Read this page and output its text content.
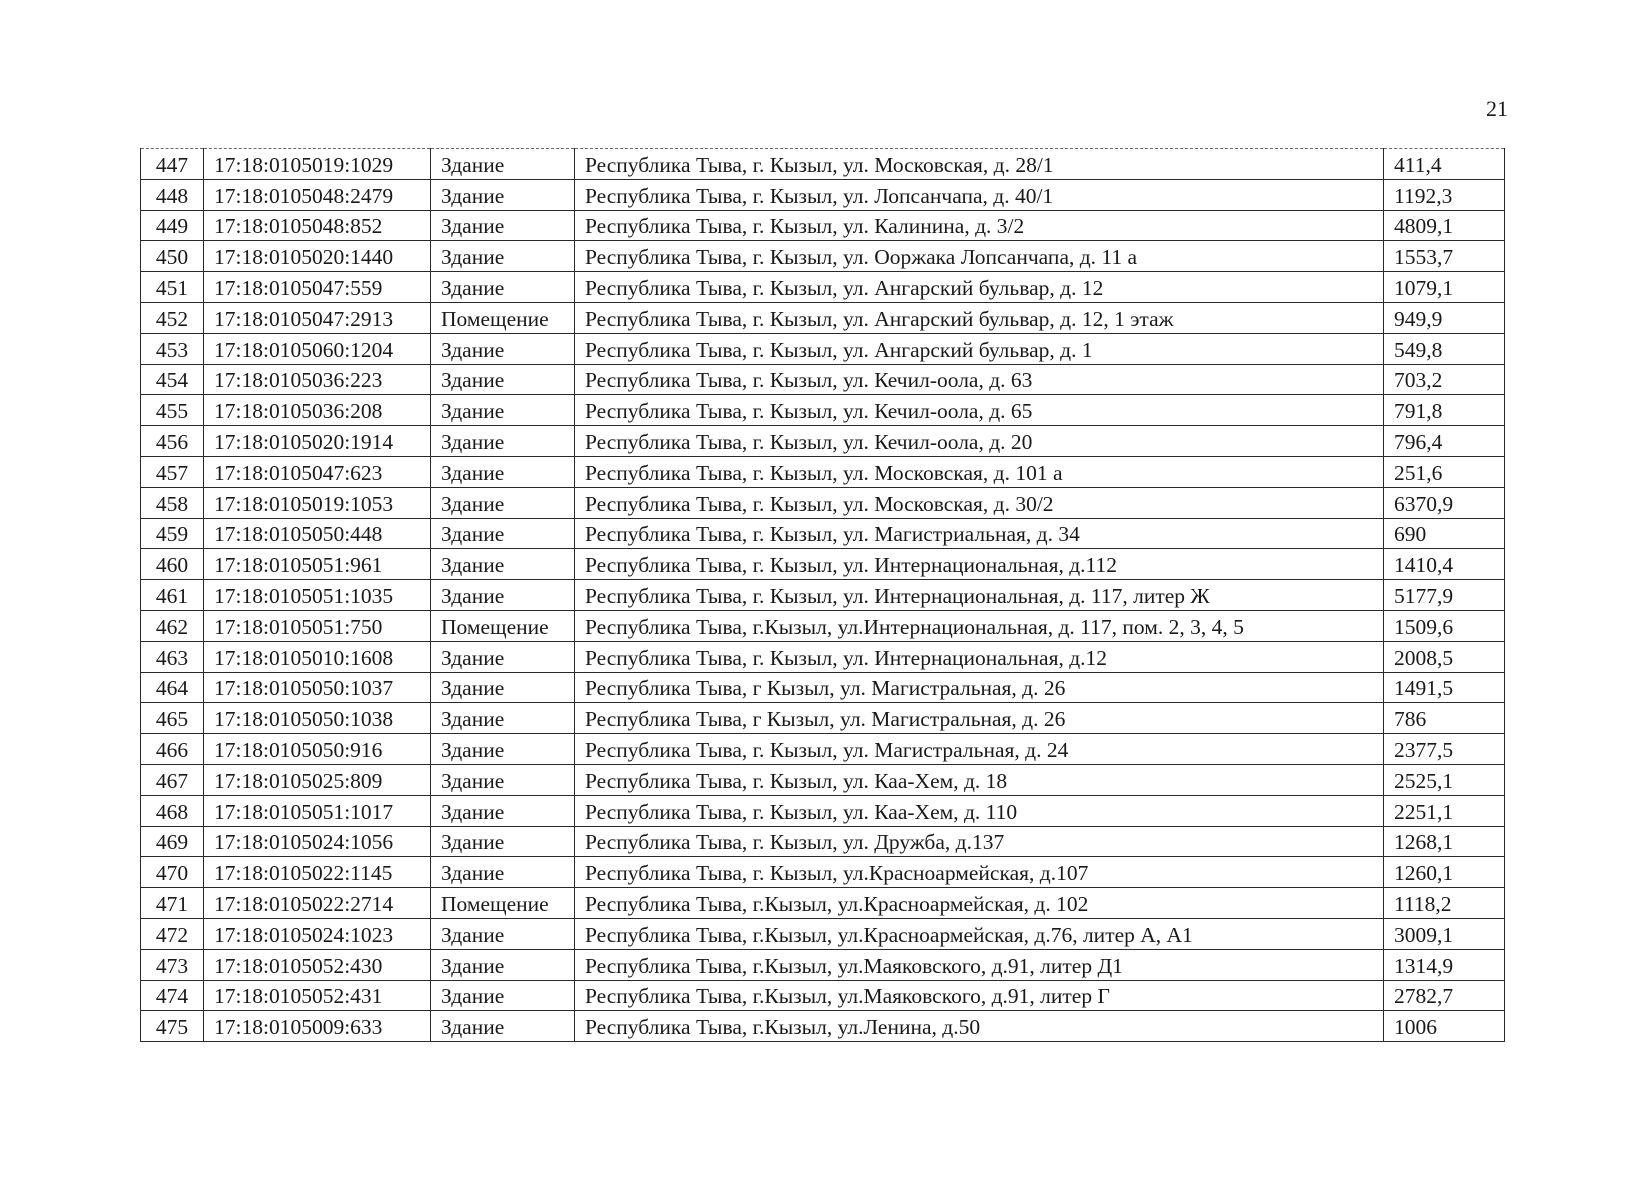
21
447	17:18:0105019:1029	Здание	Республика Тыва, г. Кызыл, ул. Московская, д. 28/1	411,4
448	17:18:0105048:2479	Здание	Республика Тыва, г. Кызыл, ул. Лопсанчапа, д. 40/1	1192,3
449	17:18:0105048:852	Здание	Республика Тыва, г. Кызыл, ул. Калинина, д. 3/2	4809,1
450	17:18:0105020:1440	Здание	Республика Тыва, г. Кызыл, ул. Ооржака Лопсанчапа, д. 11 а	1553,7
451	17:18:0105047:559	Здание	Республика Тыва, г. Кызыл, ул. Ангарский бульвар, д. 12	1079,1
452	17:18:0105047:2913	Помещение	Республика Тыва, г. Кызыл, ул. Ангарский бульвар, д. 12, 1 этаж	949,9
453	17:18:0105060:1204	Здание	Республика Тыва, г. Кызыл, ул. Ангарский бульвар, д. 1	549,8
454	17:18:0105036:223	Здание	Республика Тыва, г. Кызыл, ул. Кечил-оола, д. 63	703,2
455	17:18:0105036:208	Здание	Республика Тыва, г. Кызыл, ул. Кечил-оола, д. 65	791,8
456	17:18:0105020:1914	Здание	Республика Тыва, г. Кызыл, ул. Кечил-оола, д. 20	796,4
457	17:18:0105047:623	Здание	Республика Тыва, г. Кызыл, ул. Московская, д. 101 а	251,6
458	17:18:0105019:1053	Здание	Республика Тыва, г. Кызыл, ул. Московская, д. 30/2	6370,9
459	17:18:0105050:448	Здание	Республика Тыва, г. Кызыл, ул. Магистриальная, д. 34	690
460	17:18:0105051:961	Здание	Республика Тыва, г. Кызыл, ул. Интернациональная, д.112	1410,4
461	17:18:0105051:1035	Здание	Республика Тыва, г. Кызыл, ул. Интернациональная, д. 117, литер Ж	5177,9
462	17:18:0105051:750	Помещение	Республика Тыва, г.Кызыл, ул.Интернациональная, д. 117, пом. 2, 3, 4, 5	1509,6
463	17:18:0105010:1608	Здание	Республика Тыва, г. Кызыл, ул. Интернациональная, д.12	2008,5
464	17:18:0105050:1037	Здание	Республика Тыва, г Кызыл, ул. Магистральная, д. 26	1491,5
465	17:18:0105050:1038	Здание	Республика Тыва, г Кызыл, ул. Магистральная, д. 26	786
466	17:18:0105050:916	Здание	Республика Тыва, г. Кызыл, ул. Магистральная, д. 24	2377,5
467	17:18:0105025:809	Здание	Республика Тыва, г. Кызыл, ул. Каа-Хем, д. 18	2525,1
468	17:18:0105051:1017	Здание	Республика Тыва, г. Кызыл, ул. Каа-Хем, д. 110	2251,1
469	17:18:0105024:1056	Здание	Республика Тыва, г. Кызыл, ул. Дружба, д.137	1268,1
470	17:18:0105022:1145	Здание	Республика Тыва, г. Кызыл, ул.Красноармейская, д.107	1260,1
471	17:18:0105022:2714	Помещение	Республика Тыва, г.Кызыл, ул.Красноармейская, д. 102	1118,2
472	17:18:0105024:1023	Здание	Республика Тыва, г.Кызыл, ул.Красноармейская, д.76, литер А, А1	3009,1
473	17:18:0105052:430	Здание	Республика Тыва, г.Кызыл, ул.Маяковского, д.91, литер Д1	1314,9
474	17:18:0105052:431	Здание	Республика Тыва, г.Кызыл, ул.Маяковского, д.91, литер Г	2782,7
475	17:18:0105009:633	Здание	Республика Тыва, г.Кызыл, ул.Ленина, д.50	1006
